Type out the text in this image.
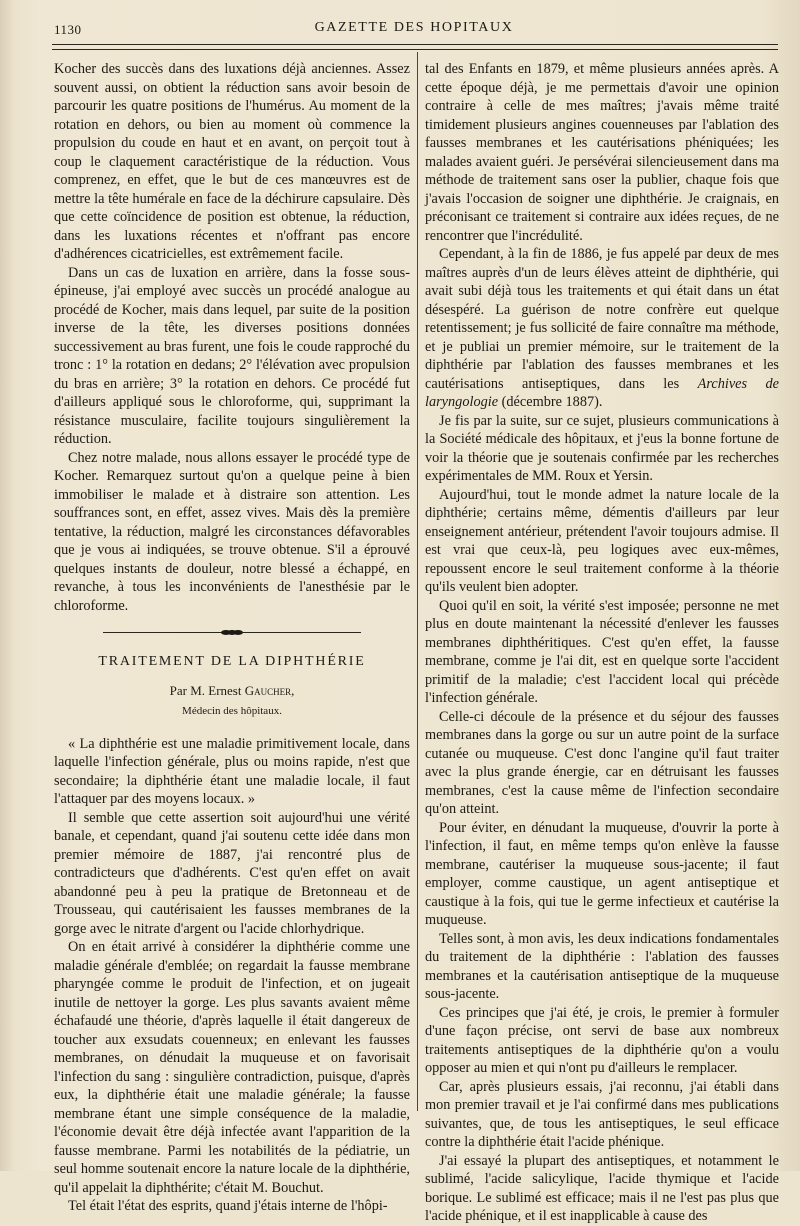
1130	GAZETTE DES HOPITAUX

Kocher des succès dans des luxations déjà anciennes. Assez souvent aussi, on obtient la réduction sans avoir besoin de parcourir les quatre positions de l'humérus. Au moment de la rotation en dehors, ou bien au moment où commence la propulsion du coude en haut et en avant, on perçoit tout à coup le claquement caractéristique de la réduction. Vous comprenez, en effet, que le but de ces manœuvres est de mettre la tête humérale en face de la déchirure capsulaire. Dès que cette coïncidence de position est obtenue, la réduction, dans les luxations récentes et n'offrant pas encore d'adhérences cicatricielles, est extrêmement facile.

Dans un cas de luxation en arrière, dans la fosse sous-épineuse, j'ai employé avec succès un procédé analogue au procédé de Kocher, mais dans lequel, par suite de la position inverse de la tête, les diverses positions données successivement au bras furent, une fois le coude rapproché du tronc : 1° la rotation en dedans; 2° l'élévation avec propulsion du bras en arrière; 3° la rotation en dehors. Ce procédé fut d'ailleurs appliqué sous le chloroforme, qui, supprimant la résistance musculaire, facilite toujours singulièrement la réduction.

Chez notre malade, nous allons essayer le procédé type de Kocher. Remarquez surtout qu'on a quelque peine à bien immobiliser le malade et à distraire son attention. Les souffrances sont, en effet, assez vives. Mais dès la première tentative, la réduction, malgré les circonstances défavorables que je vous ai indiquées, se trouve obtenue. S'il a éprouvé quelques instants de douleur, notre blessé a échappé, en revanche, à tous les inconvénients de l'anesthésie par le chloroforme.

TRAITEMENT DE LA DIPHTHÉRIE
Par M. Ernest Gaucher,
Médecin des hôpitaux.

« La diphthérie est une maladie primitivement locale, dans laquelle l'infection générale, plus ou moins rapide, n'est que secondaire; la diphthérie étant une maladie locale, il faut l'attaquer par des moyens locaux. »

Il semble que cette assertion soit aujourd'hui une vérité banale, et cependant, quand j'ai soutenu cette idée dans mon premier mémoire de 1887, j'ai rencontré plus de contradicteurs que d'adhérents. C'est qu'en effet on avait abandonné peu à peu la pratique de Bretonneau et de Trousseau, qui cautérisaient les fausses membranes de la gorge avec le nitrate d'argent ou l'acide chlorhydrique.

On en était arrivé à considérer la diphthérie comme une maladie générale d'emblée; on regardait la fausse membrane pharyngée comme le produit de l'infection, et on jugeait inutile de nettoyer la gorge. Les plus savants avaient même échafaudé une théorie, d'après laquelle il était dangereux de toucher aux exsudats couenneux; en enlevant les fausses membranes, on dénudait la muqueuse et on favorisait l'infection du sang : singulière contradiction, puisque, d'après eux, la diphthérie était une maladie générale; la fausse membrane étant une simple conséquence de la maladie, l'économie devait être déjà infectée avant l'apparition de la fausse membrane. Parmi les notabilités de la pédiatrie, un seul homme soutenait encore la nature locale de la diphthérie, qu'il appelait la diphthérite; c'était M. Bouchut.

Tel était l'état des esprits, quand j'étais interne de l'hôpi-

tal des Enfants en 1879, et même plusieurs années après. A cette époque déjà, je me permettais d'avoir une opinion contraire à celle de mes maîtres; j'avais même traité timidement plusieurs angines couenneuses par l'ablation des fausses membranes et les cautérisations phéniquées; les malades avaient guéri. Je persévérai silencieusement dans ma méthode de traitement sans oser la publier, chaque fois que j'avais l'occasion de soigner une diphthérie. Je craignais, en préconisant ce traitement si contraire aux idées reçues, de ne rencontrer que l'incrédulité.

Cependant, à la fin de 1886, je fus appelé par deux de mes maîtres auprès d'un de leurs élèves atteint de diphthérie, qui avait subi déjà tous les traitements et qui était dans un état désespéré. La guérison de notre confrère eut quelque retentissement; je fus sollicité de faire connaître ma méthode, et je publiai un premier mémoire, sur le traitement de la diphthérie par l'ablation des fausses membranes et les cautérisations antiseptiques, dans les Archives de laryngologie (décembre 1887).

Je fis par la suite, sur ce sujet, plusieurs communications à la Société médicale des hôpitaux, et j'eus la bonne fortune de voir la théorie que je soutenais confirmée par les recherches expérimentales de MM. Roux et Yersin.

Aujourd'hui, tout le monde admet la nature locale de la diphthérie; certains même, démentis d'ailleurs par leur enseignement antérieur, prétendent l'avoir toujours admise. Il est vrai que ceux-là, peu logiques avec eux-mêmes, repoussent encore le seul traitement conforme à la théorie qu'ils veulent bien adopter.

Quoi qu'il en soit, la vérité s'est imposée; personne ne met plus en doute maintenant la nécessité d'enlever les fausses membranes diphthéritiques. C'est qu'en effet, la fausse membrane, comme je l'ai dit, est en quelque sorte l'accident primitif de la maladie; c'est l'accident local qui précède l'infection générale.

Celle-ci découle de la présence et du séjour des fausses membranes dans la gorge ou sur un autre point de la surface cutanée ou muqueuse. C'est donc l'angine qu'il faut traiter avec la plus grande énergie, car en détruisant les fausses membranes, c'est la cause même de l'infection secondaire qu'on atteint.

Pour éviter, en dénudant la muqueuse, d'ouvrir la porte à l'infection, il faut, en même temps qu'on enlève la fausse membrane, cautériser la muqueuse sous-jacente; il faut employer, comme caustique, un agent antiseptique et caustique à la fois, qui tue le germe infectieux et cautérise la muqueuse.

Telles sont, à mon avis, les deux indications fondamentales du traitement de la diphthérie : l'ablation des fausses membranes et la cautérisation antiseptique de la muqueuse sous-jacente.

Ces principes que j'ai été, je crois, le premier à formuler d'une façon précise, ont servi de base aux nombreux traitements antiseptiques de la diphthérie qu'on a voulu opposer au mien et qui n'ont pu d'ailleurs le remplacer.

Car, après plusieurs essais, j'ai reconnu, j'ai établi dans mon premier travail et je l'ai confirmé dans mes publications suivantes, que, de tous les antiseptiques, le seul efficace contre la diphthérie était l'acide phénique.

J'ai essayé la plupart des antiseptiques, et notamment le sublimé, l'acide salicylique, l'acide thymique et l'acide borique. Le sublimé est efficace; mais il ne l'est pas plus que l'acide phénique, et il est inapplicable à cause des
